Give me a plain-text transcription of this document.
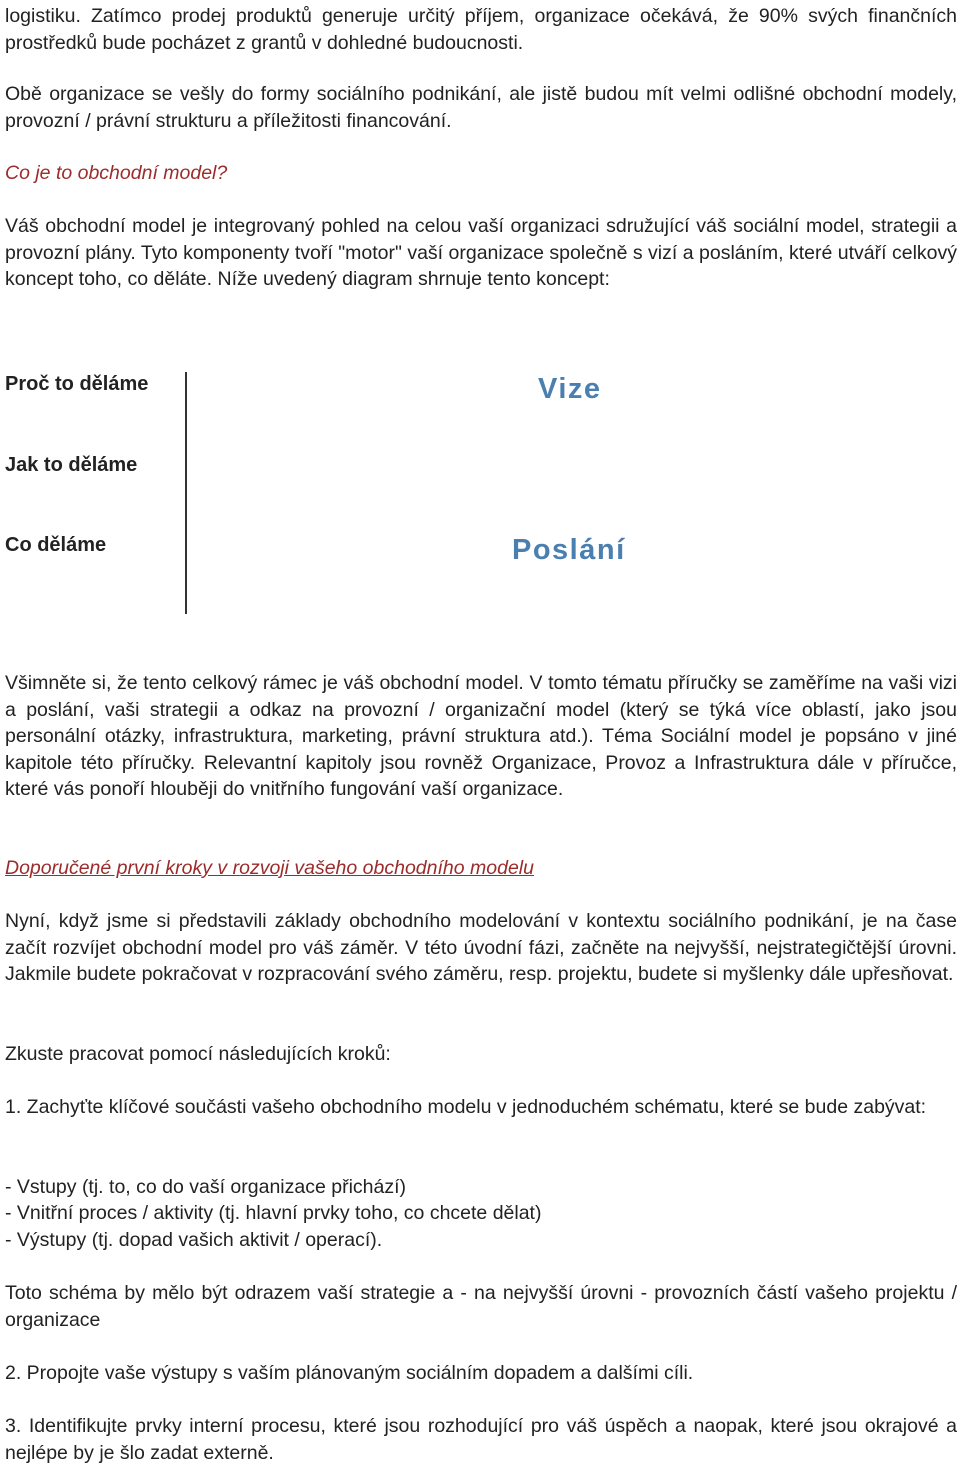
logistiku. Zatímco prodej produktů generuje určitý příjem, organizace očekává, že 90% svých finančních prostředků bude pocházet z grantů v dohledné budoucnosti.

Obě organizace se vešly do formy sociálního podnikání, ale jistě budou mít velmi odlišné obchodní modely, provozní / právní strukturu a příležitosti financování.

Co je to obchodní model?

Váš obchodní model je integrovaný pohled na celou vaší organizaci sdružující váš sociální model, strategii a provozní plány. Tyto komponenty tvoří "motor" vaší organizace společně s vizí a posláním, které utváří celkový koncept toho, co děláte. Níže uvedený diagram shrnuje tento koncept:

Proč to děláme
Jak to děláme
Co děláme
Vize
Poslání

Všimněte si, že tento celkový rámec je váš obchodní model. V tomto tématu příručky se zaměříme na vaši vizi a poslání, vaši strategii a odkaz na provozní / organizační model (který se týká více oblastí, jako jsou personální otázky, infrastruktura, marketing, právní struktura atd.). Téma Sociální model je popsáno v jiné kapitole této příručky. Relevantní kapitoly jsou rovněž Organizace, Provoz a Infrastruktura dále v příručce, které vás ponoří hlouběji do vnitřního fungování vaší organizace.

Doporučené první kroky v rozvoji vašeho obchodního modelu

Nyní, když jsme si představili základy obchodního modelování v kontextu sociálního podnikání, je na čase začít rozvíjet obchodní model pro váš záměr. V této úvodní fázi, začněte na nejvyšší, nejstrategičtější úrovni. Jakmile budete pokračovat v rozpracování svého záměru, resp. projektu, budete si myšlenky dále upřesňovat.

Zkuste pracovat pomocí následujících kroků:

1. Zachyťte klíčové součásti vašeho obchodního modelu v jednoduchém schématu, které se bude zabývat:

- Vstupy (tj. to, co do vaší organizace přichází)

- Vnitřní proces / aktivity (tj. hlavní prvky toho, co chcete dělat)

- Výstupy (tj. dopad vašich aktivit / operací).

Toto schéma by mělo být odrazem vaší strategie a - na nejvyšší úrovni - provozních částí vašeho projektu / organizace

2. Propojte vaše výstupy s vaším plánovaným sociálním dopadem a dalšími cíli.

3. Identifikujte prvky interní procesu, které jsou rozhodující pro váš úspěch a naopak, které jsou okrajové a nejlépe by je šlo zadat externě.
